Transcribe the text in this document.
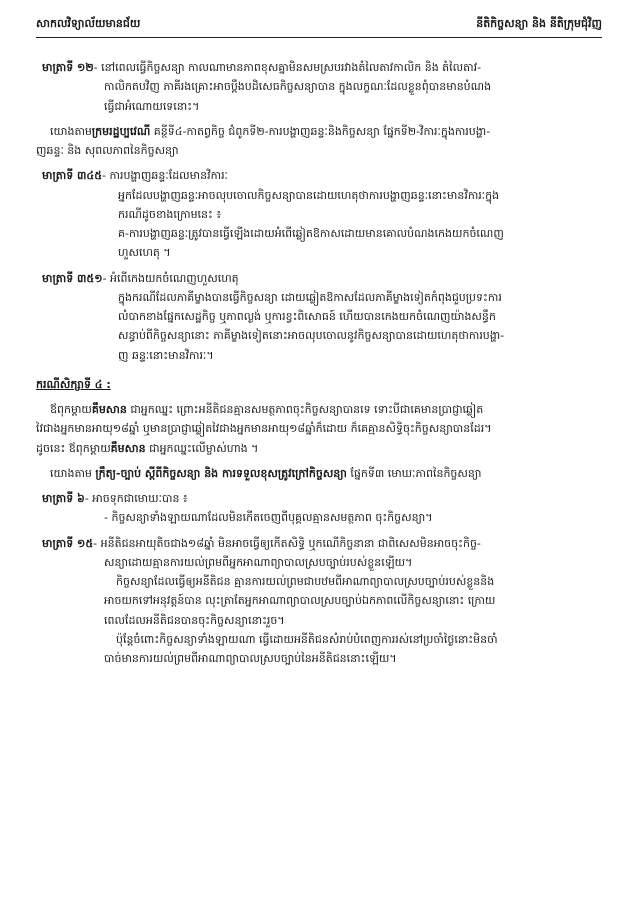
សាកលវិទ្យាល័យមានជ័យ	នីតិកិច្ចសន្យា និង នីតិក្រុមជុំវិញ

មាត្រាទី ១២- នៅពេលធ្វើកិច្ចសន្យា កាលណាមានភាពខុសគ្នាមិនសមស្របរវាងតំលៃតាវកាលិក និង តំលៃតាវ-

កាលិកតបវិញ ភាគីរងគ្រោះអាចប្តឹងបដិសេធកិច្ចសន្យាបាន ក្នុងលក្ខណៈដែលខ្លួនពុំបានមានបំណង

ធ្វើជាអំណោយទេនោះ។

យោងតាមក្រមរដ្ឋប្បវេណី គន្ថីទី៤-កាតព្វកិច្ច ជំពូកទី២-ការបង្ហាញឆន្ទៈនិងកិច្ចសន្យា ផ្នែកទី២-វិការៈក្នុងការបង្ហា-

ញឆន្ទៈ និង សុពលភាពនៃកិច្ចសន្យា

មាត្រាទី ៣៤៥- ការបង្ហាញឆន្ទៈដែលមានវិការៈ

អ្នកដែលបង្ហាញឆន្ទៈអាចលុបចោលកិច្ចសន្យាបានដោយហេតុថាការបង្ហាញឆន្ទៈនោះមានវិការៈក្នុង

ករណីដូចខាងក្រោមនេះ ៖

គ-ការបង្ហាញឆន្ទៈត្រូវបានធ្វើឡើងដោយអំពើឆ្លៀតឱកាសដោយមានគោលបំណងកេងយកចំណេញ

ហួសហេតុ ។

មាត្រាទី ៣៥១- អំពើកេងយកចំណេញហួសហេតុ

ក្នុងករណីដែលភាគីម្ខាងបានធ្វើកិច្ចសន្យា ដោយឆ្លៀតឱកាសដែលភាគីម្ខាងទៀតកំពុងជួបប្រទះការ

លំបាកខាងផ្នែកសេដ្ឋកិច្ច ឬភាពល្ងង់ ឬការខ្វះពិសោធន៍ ហើយបានកេងយកចំណេញយ៉ាងសន្ធឹក

សន្ធាប់ពីកិច្ចសន្យានោះ ភាគីម្ខាងទៀតនោះអាចលុបចោលនូវកិច្ចសន្យាបានដោយហេតុថាការបង្ហា-

ញ ឆន្ទៈនោះមានវិការៈ។

ករណីសិក្សាទី ៤ :

ឪពុកម្តាយគឹមសាន ជាអ្នកឈ្នះ ព្រោះអនីតិជនគ្មានសមត្ថភាពចុះកិច្ចសន្យាបានទេ ទោះបីជាគេមានប្រាជ្ញាឆ្លៀត

វៃជាងអ្នកមានអាយុ១៨ឆ្នាំ ឬមានប្រាជ្ញាឆ្លៀតវៃជាងអ្នកមានអាយុ១៨ឆ្នាំក៏ដោយ ក៏គេគ្មានសិទ្ធិចុះកិច្ចសន្យាបានដែរ។

ដូចនេះ ឪពុកម្តាយគឹមសាន ជាអ្នកឈ្នះលើម្ចាស់ហាង ។

យោងតាម ក្រឹត្យ-ច្បាប់ ស្តីពីកិច្ចសន្យា និង ការទទួលខុសត្រូវក្រៅកិច្ចសន្យា ផ្នែកទី៣ មោឃៈភាពនៃកិច្ចសន្យា

មាត្រាទី ៦- អាចទុកជាមោឃៈបាន ៖

- កិច្ចសន្យាទាំងឡាយណាដែលមិនកើតចេញពីបុគ្គលគ្មានសមត្ថភាព ចុះកិច្ចសន្យា។

មាត្រាទី ១៥- អនីតិជនអាយុតិចជាង១៨ឆ្នាំ មិនអាចធ្វើឲ្យកើតសិទ្ធិ ឬកណើកិច្ចនានា ជាពិសេសមិនអាចចុះកិច្ច-

សន្យាដោយគ្មានការយល់ព្រមពីអ្នកអាណាព្យាបាលស្របច្បាប់របស់ខ្លួនឡើយ។

កិច្ចសន្យាដែលធ្វើឲ្យអនីតិជន គ្មានការយល់ព្រមជាបឋមពីអាណាព្យាបាលស្របច្បាប់របស់ខ្លួននិង

អាចយកទៅអនុវត្តន៍បាន លុះត្រាតែអ្នកអាណាព្យាបាលស្របច្បាប់ឯកភាពលើកិច្ចសន្យានោះ ក្រោយ

ពេលដែលអនីតិជនបានចុះកិច្ចសន្យានោះរួច។

ប៉ុន្តែចំពោះកិច្ចសន្យាទាំងឡាយណា ធ្វើដោយអនីតិជនសំរាប់បំពេញការរស់នៅប្រចាំថ្ងៃនោះមិនចាំ

បាច់មានការយល់ព្រមពីអាណាព្យាបាលស្របច្បាប់នៃអនីតិជននោះឡើយ។
